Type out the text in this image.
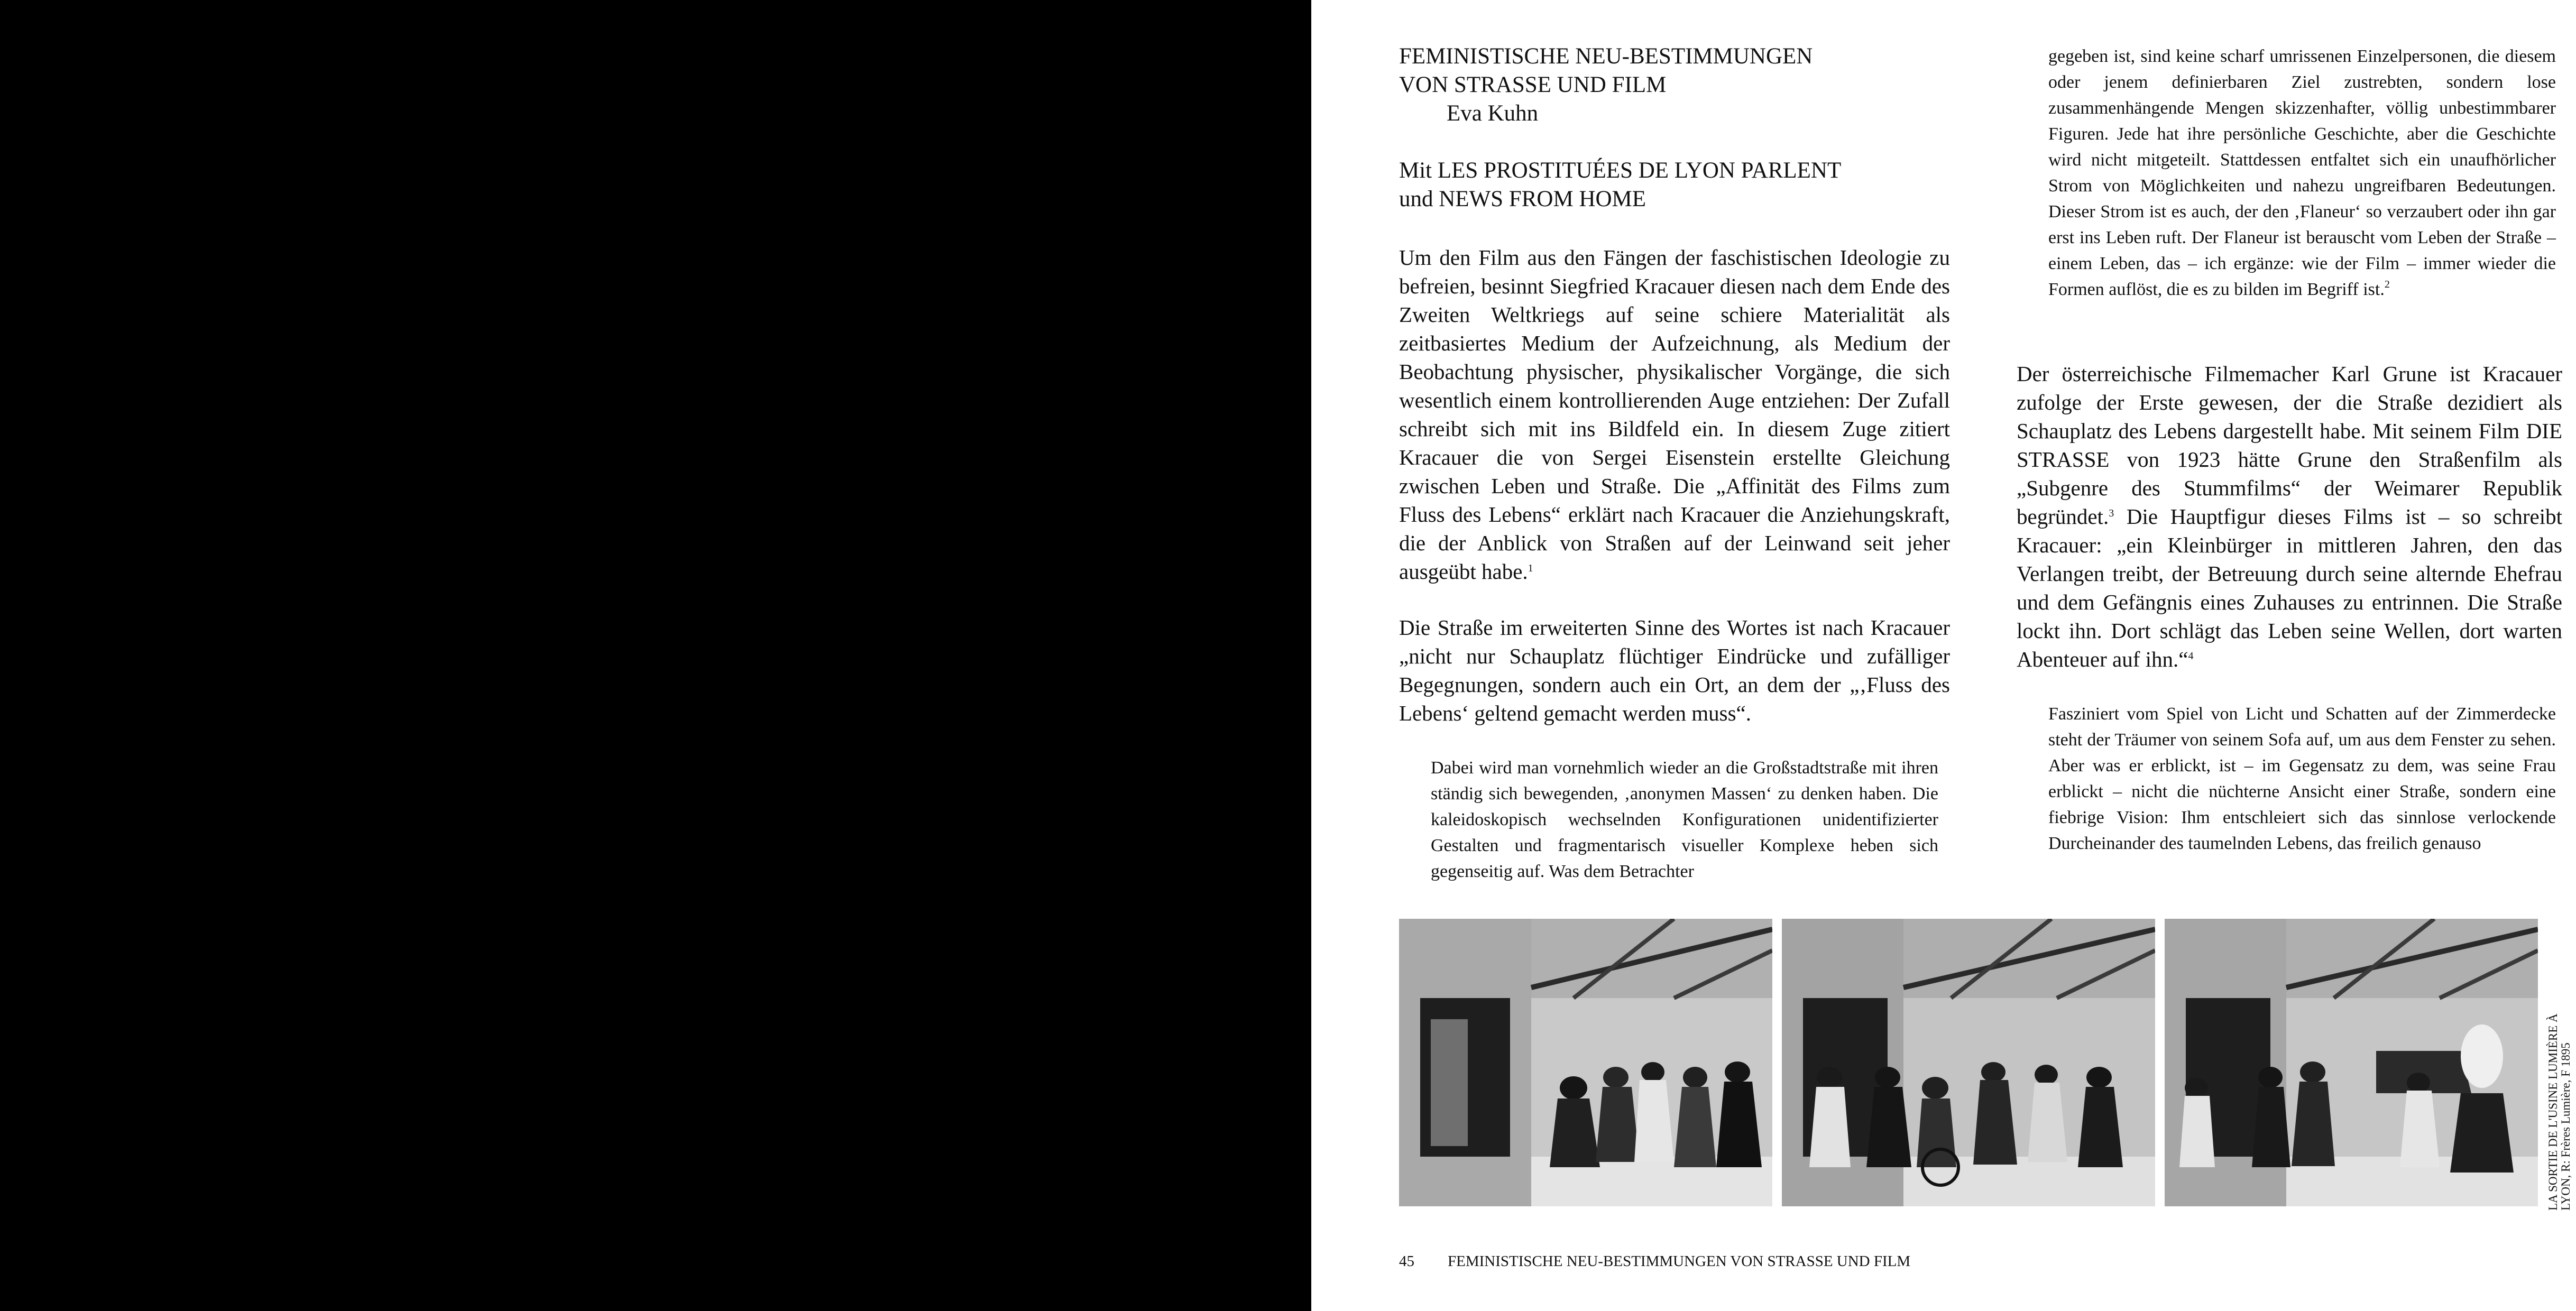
FEMINISTISCHE NEU-BESTIMMUNGEN
VON STRASSE UND FILM
Eva Kuhn
Mit LES PROSTITUÉES DE LYON PARLENT
und NEWS FROM HOME

Um den Film aus den Fängen der faschistischen Ideologie zu befreien, besinnt Siegfried Kracauer diesen nach dem Ende des Zweiten Weltkriegs auf seine schiere Materialität als zeitbasiertes Medium der Aufzeichnung, als Medium der Beobachtung physischer, physikalischer Vorgänge, die sich wesentlich einem kontrollierenden Auge entziehen: Der Zufall schreibt sich mit ins Bildfeld ein. In diesem Zuge zitiert Kracauer die von Sergei Eisenstein erstellte Gleichung zwischen Leben und Straße. Die „Affinität des Films zum Fluss des Lebens“ erklärt nach Kracauer die Anziehungskraft, die der Anblick von Straßen auf der Leinwand seit jeher ausgeübt habe.$^1$

Die Straße im erweiterten Sinne des Wortes ist nach Kracauer „nicht nur Schauplatz flüchtiger Eindrücke und zufälliger Begegnungen, sondern auch ein Ort, an dem der „‚Fluss des Lebens‘ geltend gemacht werden muss“.

Dabei wird man vornehmlich wieder an die Großstadtstraße mit ihren ständig sich bewegenden, ‚anonymen Massen‘ zu denken haben. Die kaleidoskopisch wechselnden Konfigurationen unidentifizierter Gestalten und fragmentarisch visueller Komplexe heben sich gegenseitig auf. Was dem Betrachter

gegeben ist, sind keine scharf umrissenen Einzelpersonen, die diesem oder jenem definierbaren Ziel zustrebten, sondern lose zusammenhängende Mengen skizzenhafter, völlig unbestimmbarer Figuren. Jede hat ihre persönliche Geschichte, aber die Geschichte wird nicht mitgeteilt. Stattdessen entfaltet sich ein unaufhörlicher Strom von Möglichkeiten und nahezu ungreifbaren Bedeutungen. Dieser Strom ist es auch, der den ‚Flaneur‘ so verzaubert oder ihn gar erst ins Leben ruft. Der Flaneur ist berauscht vom Leben der Straße – einem Leben, das – ich ergänze: wie der Film – immer wieder die Formen auflöst, die es zu bilden im Begriff ist.$^2$

Der österreichische Filmemacher Karl Grune ist Kracauer zufolge der Erste gewesen, der die Straße dezidiert als Schauplatz des Lebens dargestellt habe. Mit seinem Film DIE STRASSE von 1923 hätte Grune den Straßenfilm als „Subgenre des Stummfilms“ der Weimarer Republik begründet.$^3$ Die Hauptfigur dieses Films ist – so schreibt Kracauer: „ein Kleinbürger in mittleren Jahren, den das Verlangen treibt, der Betreuung durch seine alternde Ehefrau und dem Gefängnis eines Zuhauses zu entrinnen. Die Straße lockt ihn. Dort schlägt das Leben seine Wellen, dort warten Abenteuer auf ihn.“$^4$

Fasziniert vom Spiel von Licht und Schatten auf der Zimmerdecke steht der Träumer von seinem Sofa auf, um aus dem Fenster zu sehen. Aber was er erblickt, ist – im Gegensatz zu dem, was seine Frau erblickt – nicht die nüchterne Ansicht einer Straße, sondern eine fiebrige Vision: Ihm entschleiert sich das sinnlose verlockende Durcheinander des taumelnden Lebens, das freilich genauso

LA SORTIE DE L'USINE LUMIÈRE À
LYON, R: Frères Lumière, F 1895
45 FEMINISTISCHE NEU-BESTIMMUNGEN VON STRASSE UND FILM
